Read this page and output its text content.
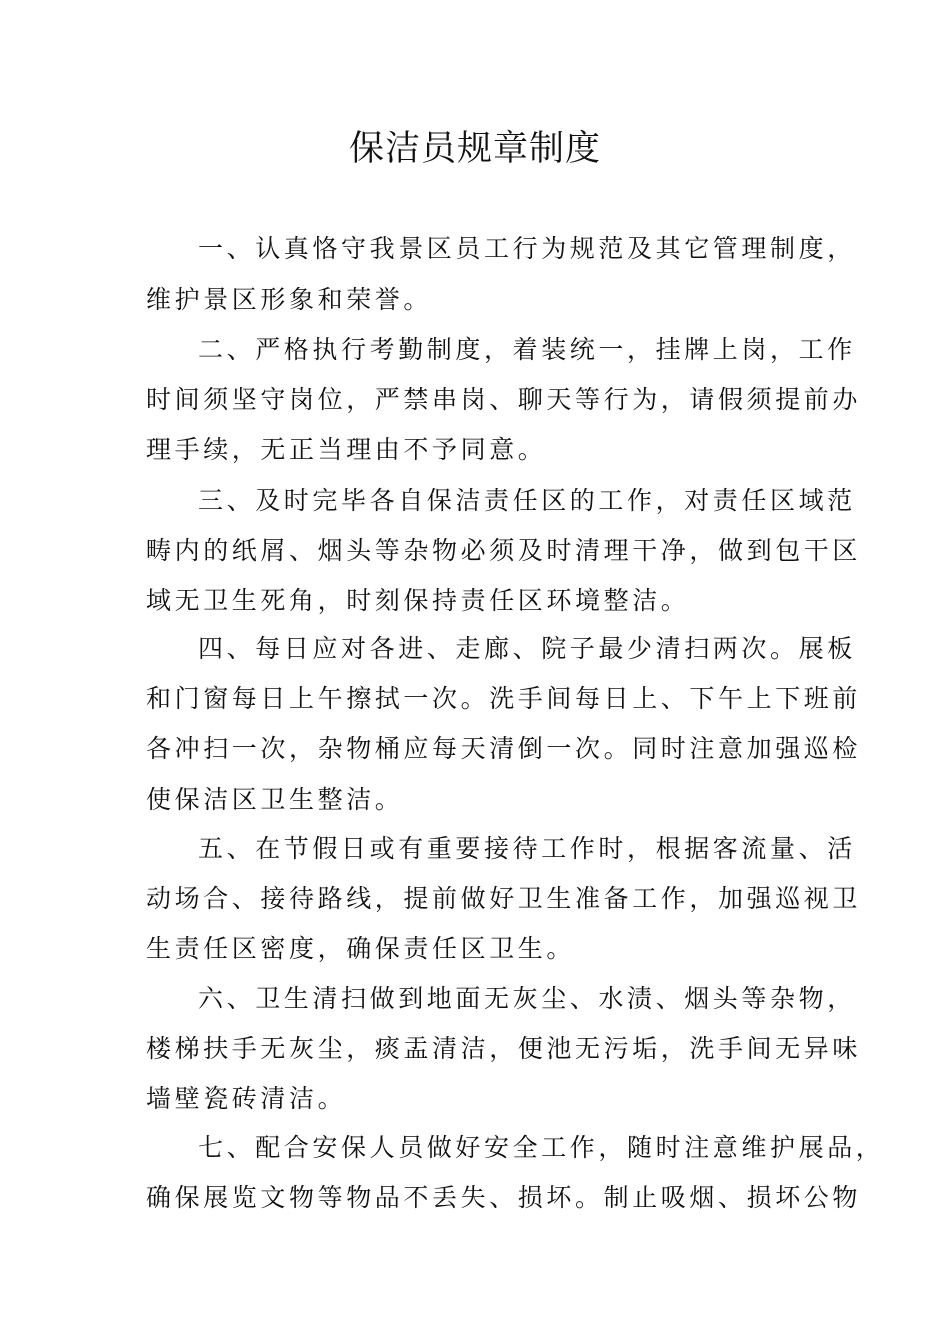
保洁员规章制度
一、认真恪守我景区员工行为规范及其它管理制度，
维护景区形象和荣誉。
二、严格执行考勤制度，着装统一，挂牌上岗，工作
时间须坚守岗位，严禁串岗、聊天等行为，请假须提前办
理手续，无正当理由不予同意。
三、及时完毕各自保洁责任区的工作，对责任区域范
畴内的纸屑、烟头等杂物必须及时清理干净，做到包干区
域无卫生死角，时刻保持责任区环境整洁。
四、每日应对各进、走廊、院子最少清扫两次。展板
和门窗每日上午擦拭一次。洗手间每日上、下午上下班前
各冲扫一次，杂物桶应每天清倒一次。同时注意加强巡检
使保洁区卫生整洁。
五、在节假日或有重要接待工作时，根据客流量、活
动场合、接待路线，提前做好卫生准备工作，加强巡视卫
生责任区密度，确保责任区卫生。
六、卫生清扫做到地面无灰尘、水渍、烟头等杂物，
楼梯扶手无灰尘，痰盂清洁，便池无污垢，洗手间无异味
墙壁瓷砖清洁。
七、配合安保人员做好安全工作，随时注意维护展品，
确保展览文物等物品不丢失、损坏。制止吸烟、损坏公物
